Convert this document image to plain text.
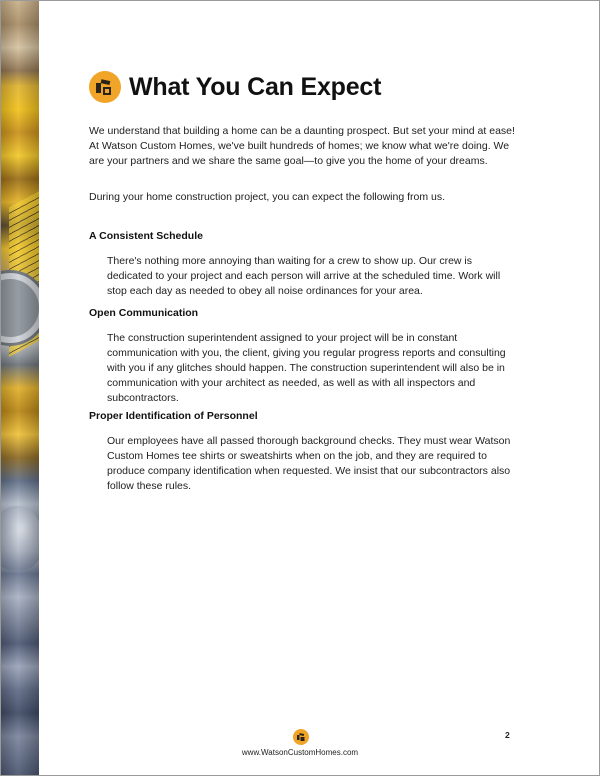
What You Can Expect

We understand that building a home can be a daunting prospect. But set your mind at ease! At Watson Custom Homes, we've built hundreds of homes; we know what we're doing. We are your partners and we share the same goal—to give you the home of your dreams.

During your home construction project, you can expect the following from us.

A Consistent Schedule

There's nothing more annoying than waiting for a crew to show up. Our crew is dedicated to your project and each person will arrive at the scheduled time. Work will stop each day as needed to obey all noise ordinances for your area.

Open Communication

The construction superintendent assigned to your project will be in constant communication with you, the client, giving you regular progress reports and consulting with you if any glitches should happen. The construction superintendent will also be in communication with your architect as needed, as well as with all inspectors and subcontractors.

Proper Identification of Personnel

Our employees have all passed thorough background checks. They must wear Watson Custom Homes tee shirts or sweatshirts when on the job, and they are required to produce company identification when requested. We insist that our subcontractors also follow these rules.

www.WatsonCustomHomes.com
2
